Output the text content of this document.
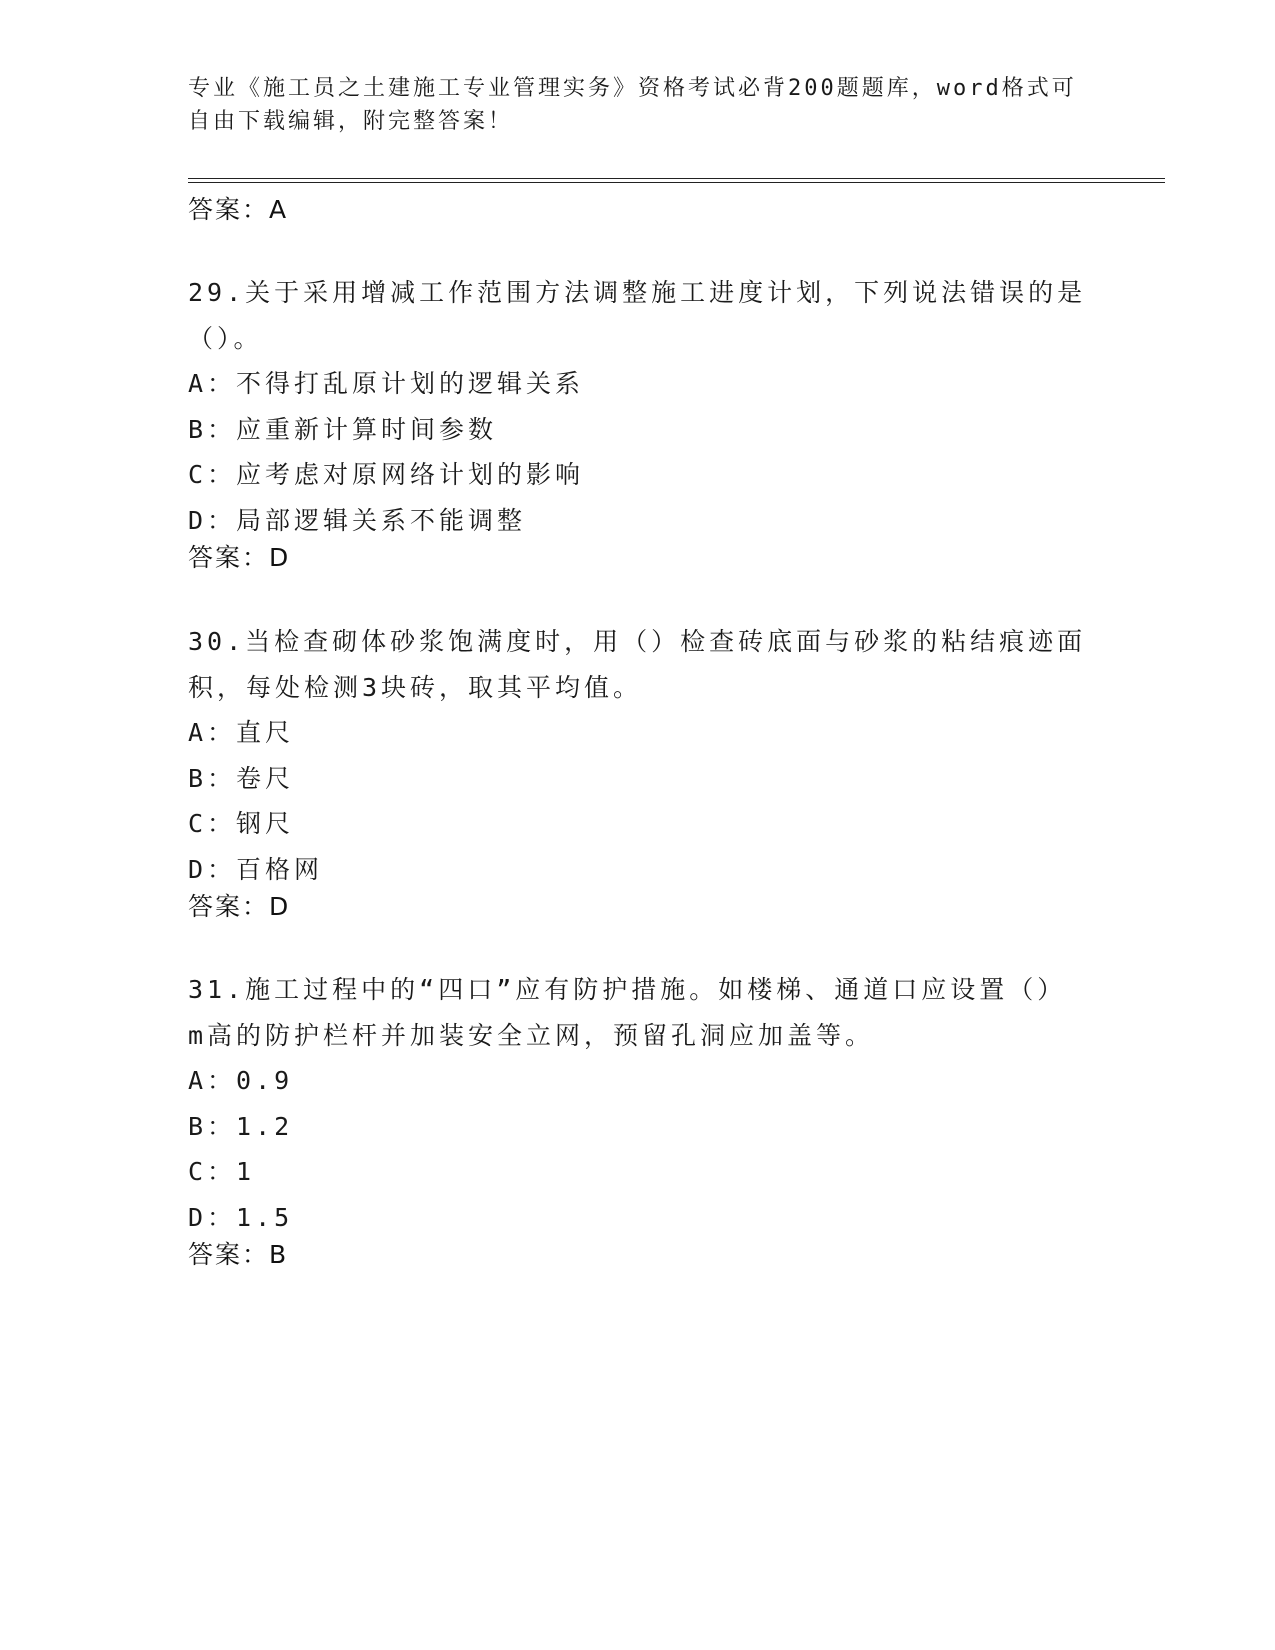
专业《施工员之土建施工专业管理实务》资格考试必背200题题库，word格式可
自由下载编辑，附完整答案！
答案：A
29.关于采用增减工作范围方法调整施工进度计划，下列说法错误的是
（）。
A：不得打乱原计划的逻辑关系
B：应重新计算时间参数
C：应考虑对原网络计划的影响
D：局部逻辑关系不能调整
答案：D
30.当检查砌体砂浆饱满度时，用（）检查砖底面与砂浆的粘结痕迹面
积，每处检测3块砖，取其平均值。
A：直尺
B：卷尺
C：钢尺
D：百格网
答案：D
31.施工过程中的“四口”应有防护措施。如楼梯、通道口应设置（）
m高的防护栏杆并加装安全立网，预留孔洞应加盖等。
A：0.9
B：1.2
C：1
D：1.5
答案：B
